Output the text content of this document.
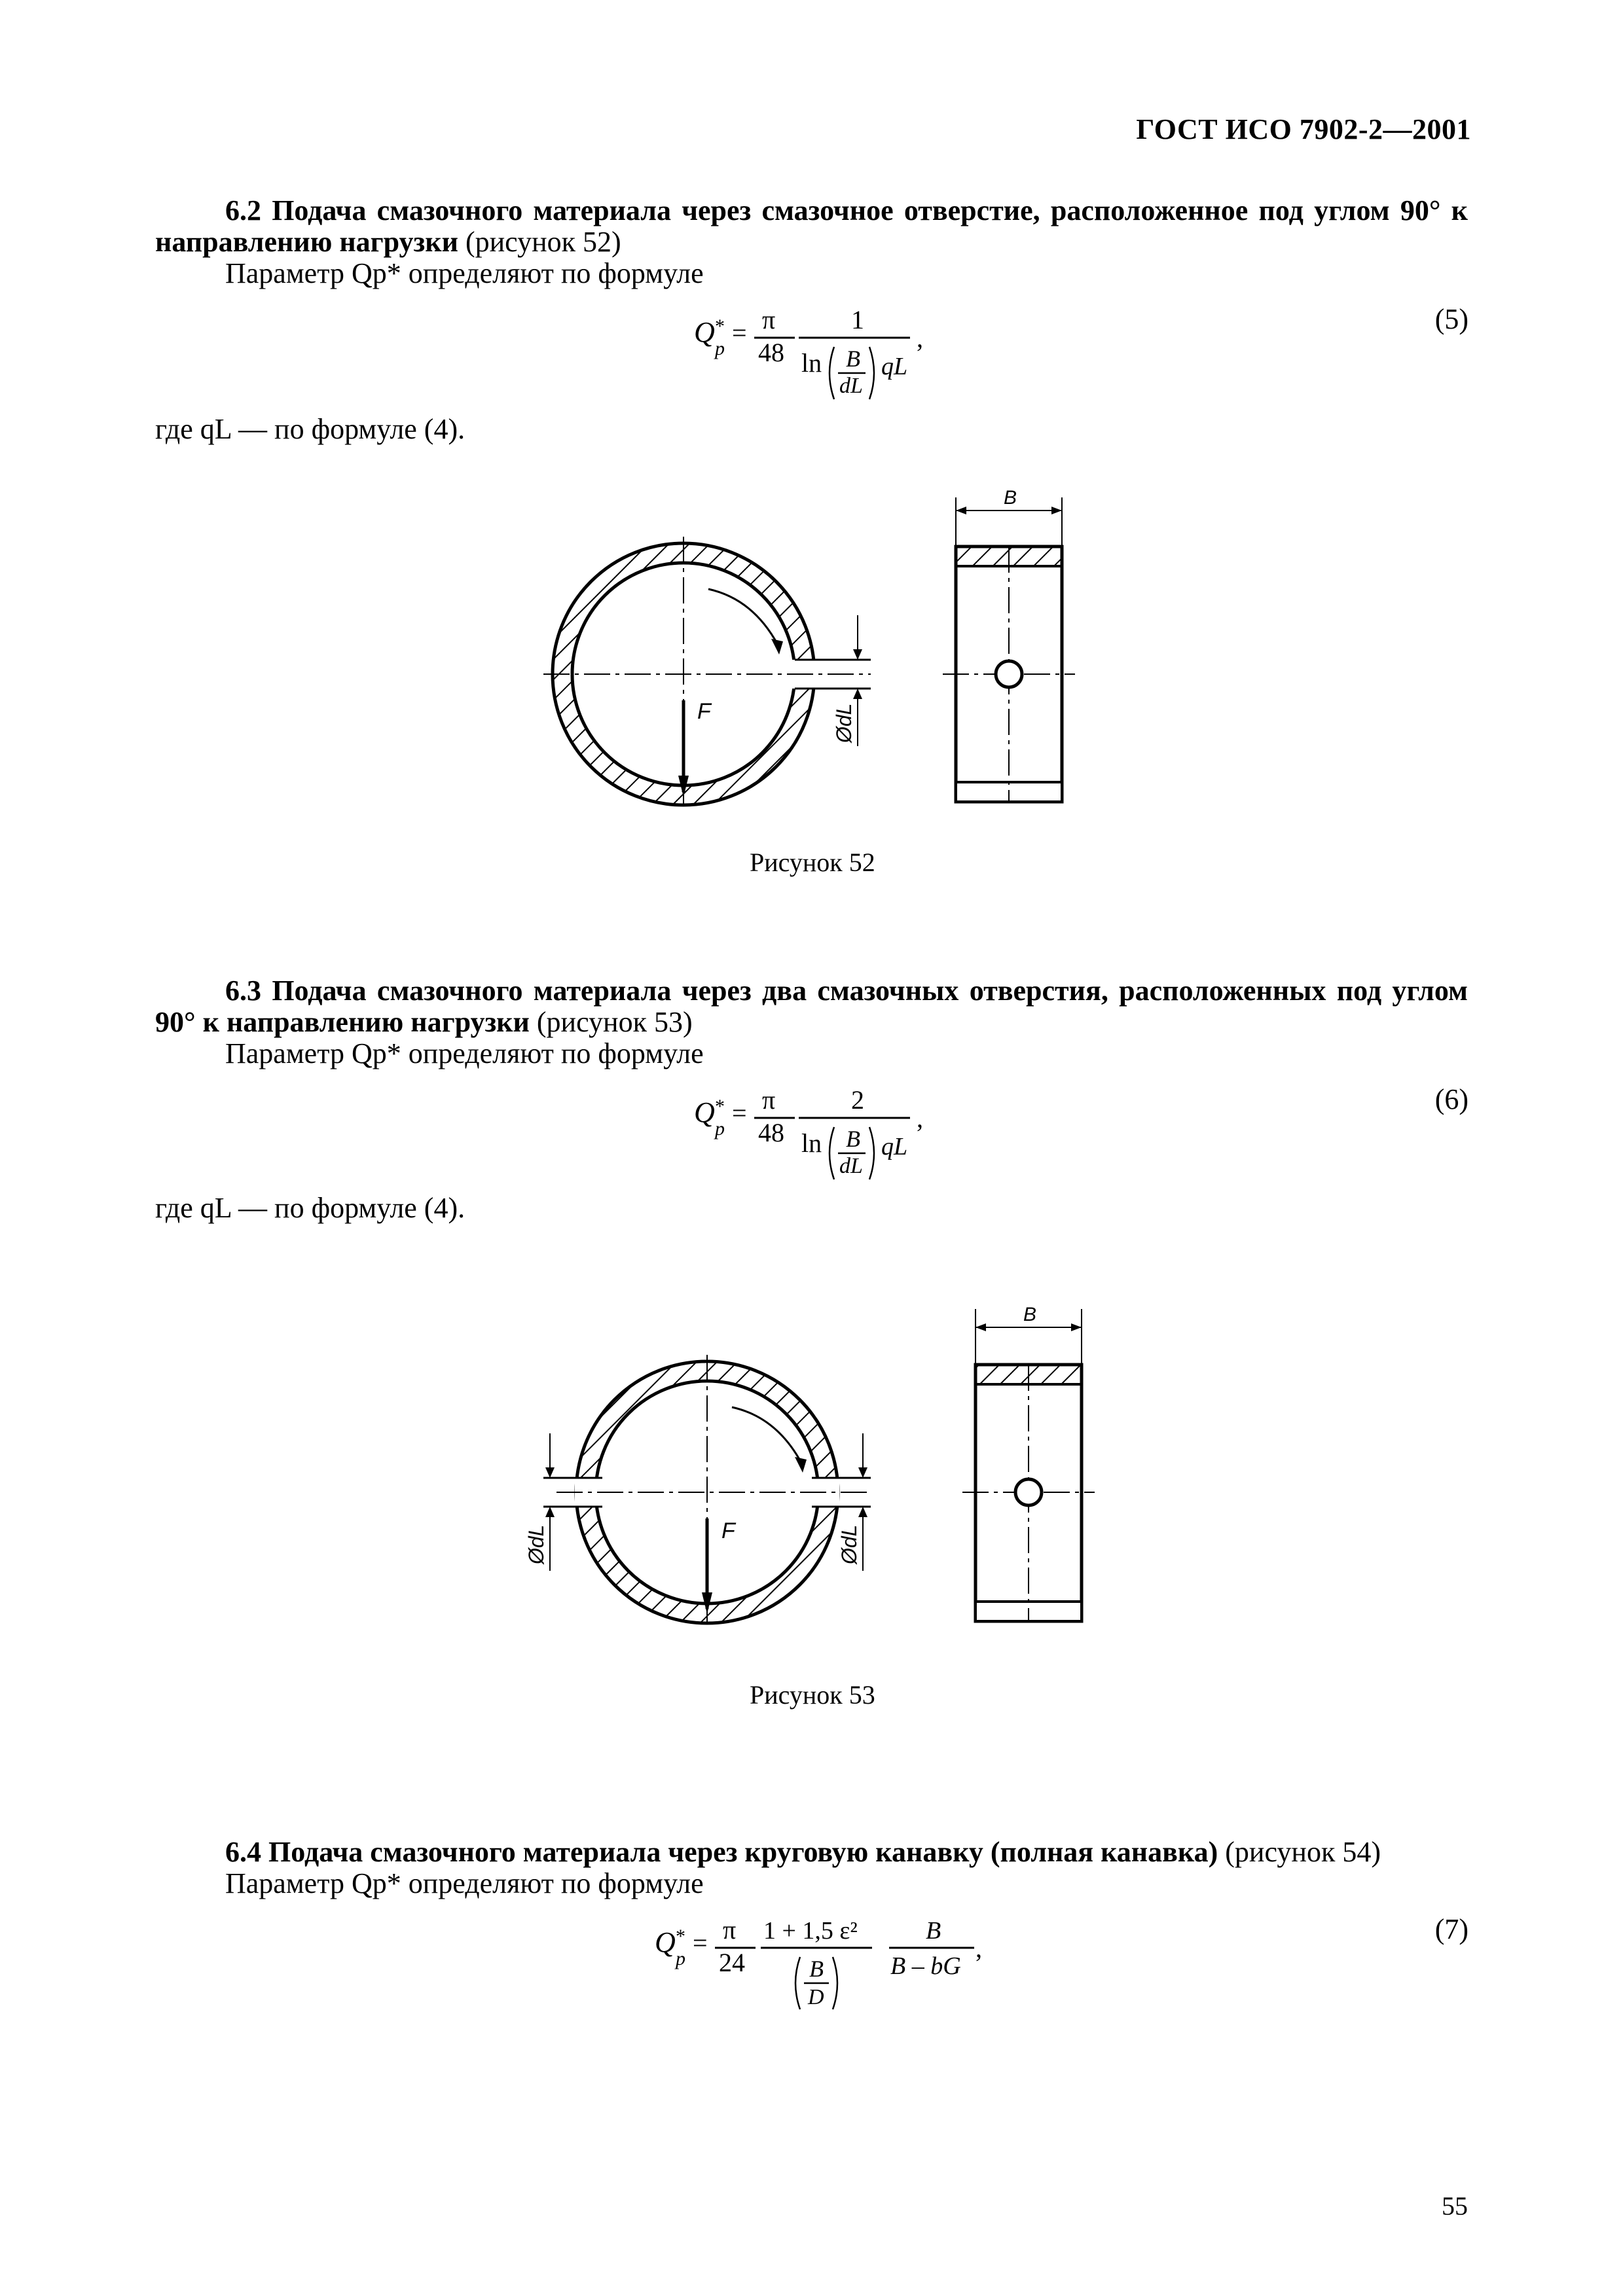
ГОСТ ИСО 7902-2—2001
6.2 Подача смазочного материала через смазочное отверстие, расположенное под углом 90° к направлению нагрузки (рисунок 52)
Параметр Qp* определяют по формуле
Q *
p
= π
48
1
ln B
dL
qL
,
(5)
где qL — по формуле (4).
F	ØdL
B
Рисунок 52
6.3 Подача смазочного материала через два смазочных отверстия, расположенных под углом 90° к направлению нагрузки (рисунок 53)
Параметр Qp* определяют по формуле
Q *
p
= π
48
2
ln B
dL
qL
,
(6)
где qL — по формуле (4).
F
ØdL	ØdL
B
Рисунок 53
6.4 Подача смазочного материала через круговую канавку (полная канавка) (рисунок 54)
Параметр Qp* определяют по формуле
Q *
p
= π
24
1 + 1,5 ε²
B
D
B
B – bG
,
(7)
55
